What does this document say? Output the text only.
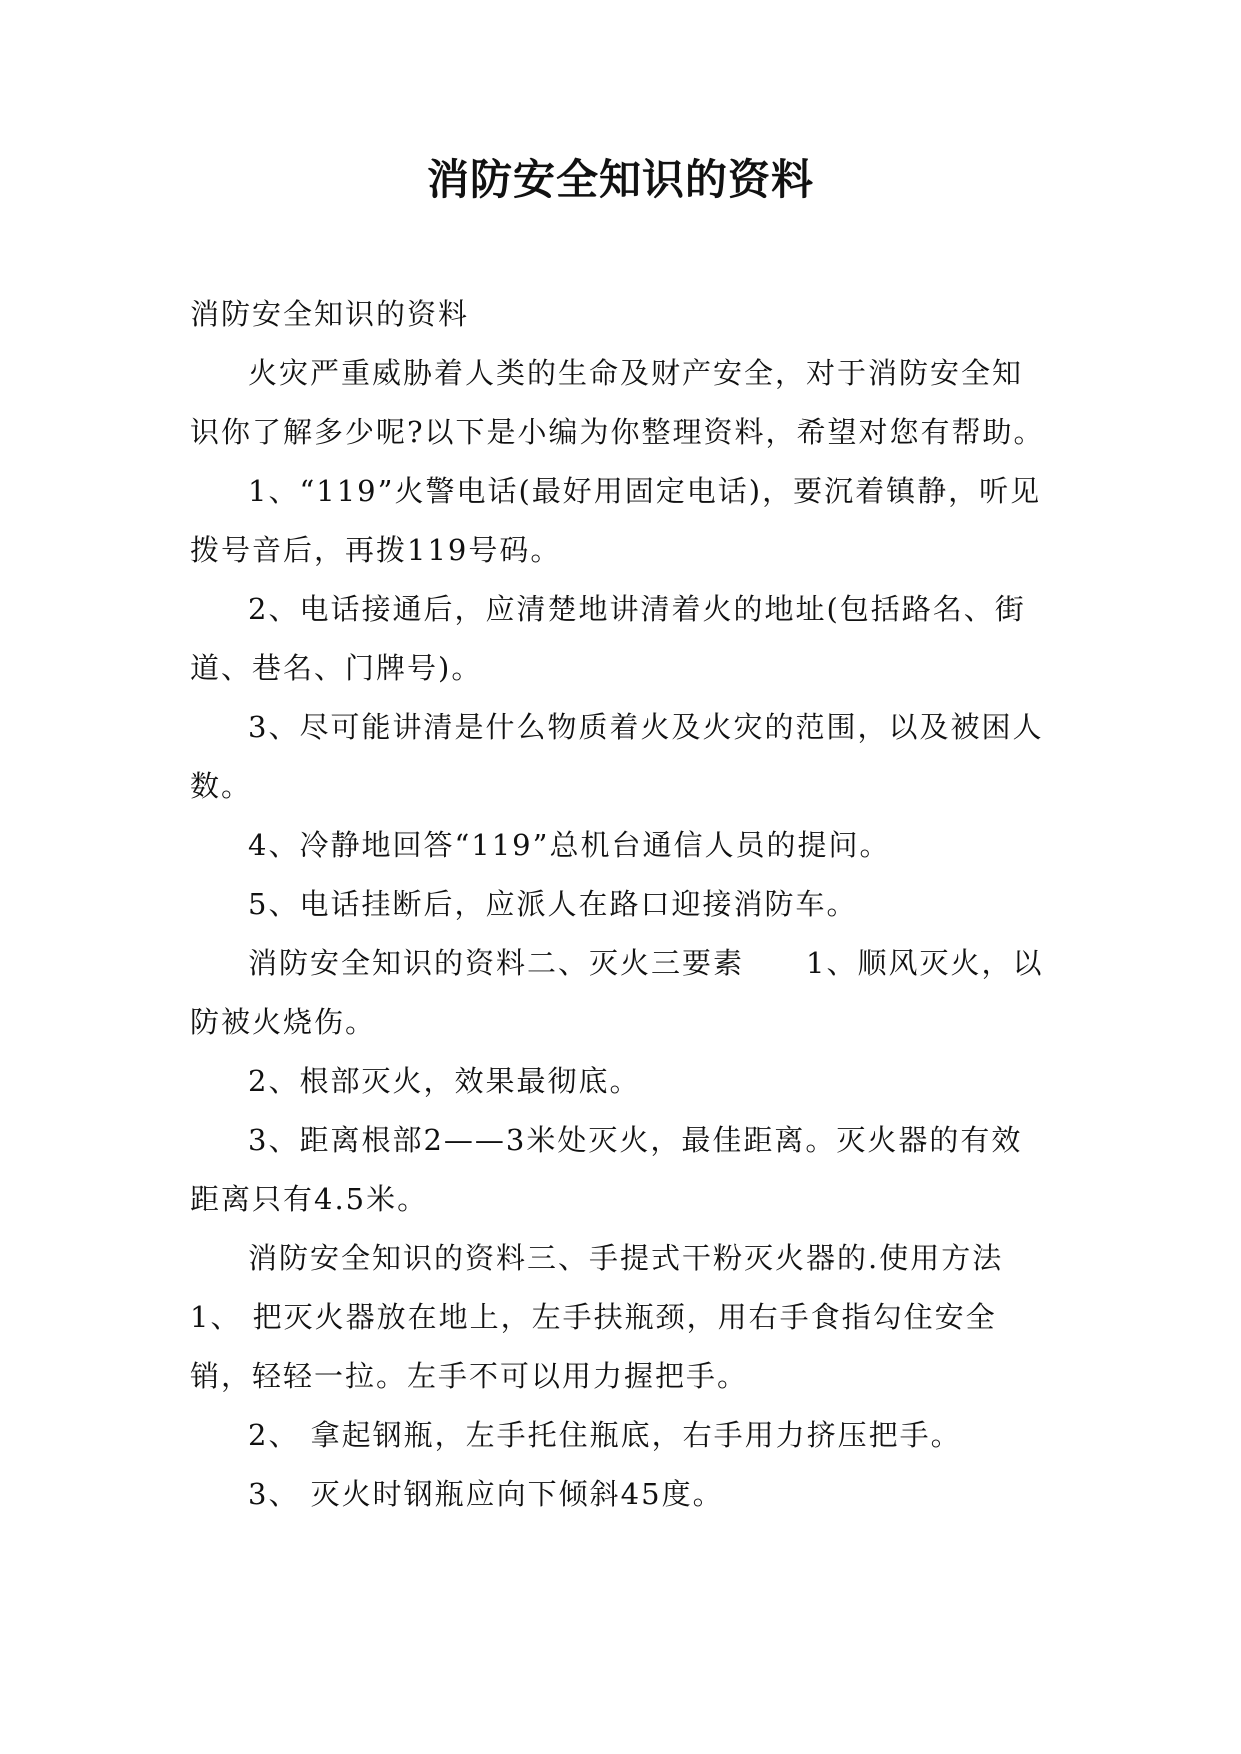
消防安全知识的资料

消防安全知识的资料

火灾严重威胁着人类的生命及财产安全，对于消防安全知识你了解多少呢?以下是小编为你整理资料，希望对您有帮助。

1、“119”火警电话(最好用固定电话)，要沉着镇静，听见拨号音后，再拨119号码。

2、电话接通后，应清楚地讲清着火的地址(包括路名、街道、巷名、门牌号)。

3、尽可能讲清是什么物质着火及火灾的范围，以及被困人数。

4、冷静地回答“119”总机台通信人员的提问。

5、电话挂断后，应派人在路口迎接消防车。

消防安全知识的资料二、灭火三要素　　1、顺风灭火，以防被火烧伤。

2、根部灭火，效果最彻底。

3、距离根部2——3米处灭火，最佳距离。灭火器的有效距离只有4.5米。

消防安全知识的资料三、手提式干粉灭火器的.使用方法　　1、 把灭火器放在地上，左手扶瓶颈，用右手食指勾住安全销，轻轻一拉。左手不可以用力握把手。

2、 拿起钢瓶，左手托住瓶底，右手用力挤压把手。

3、 灭火时钢瓶应向下倾斜45度。
